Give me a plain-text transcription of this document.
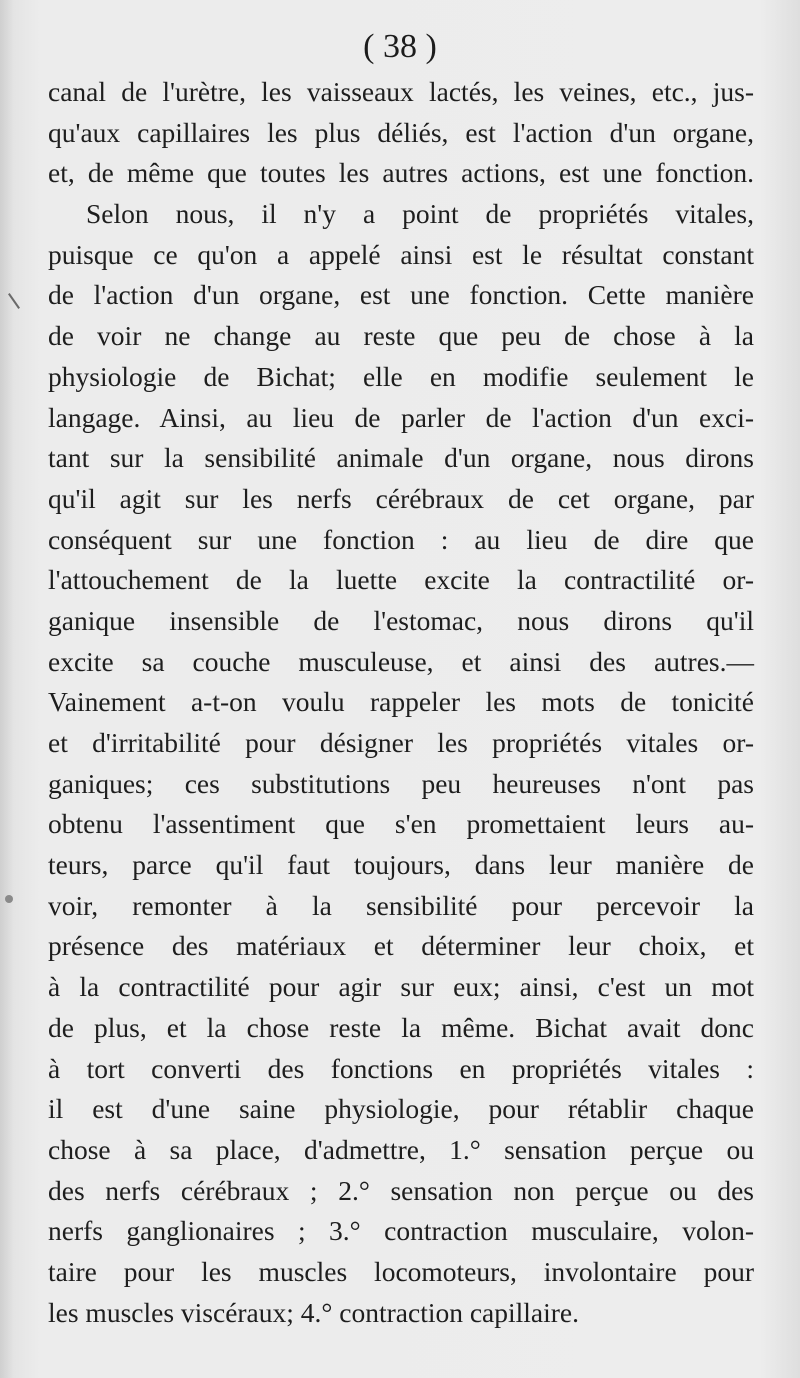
( 38 )
canal de l'urètre, les vaisseaux lactés, les veines, etc., jus-
qu'aux capillaires les plus déliés, est l'action d'un organe,
et, de même que toutes les autres actions, est une fonction.
Selon nous, il n'y a point de propriétés vitales,
puisque ce qu'on a appelé ainsi est le résultat constant
de l'action d'un organe, est une fonction. Cette manière
de voir ne change au reste que peu de chose à la
physiologie de Bichat; elle en modifie seulement le
langage. Ainsi, au lieu de parler de l'action d'un exci-
tant sur la sensibilité animale d'un organe, nous dirons
qu'il agit sur les nerfs cérébraux de cet organe, par
conséquent sur une fonction : au lieu de dire que
l'attouchement de la luette excite la contractilité or-
ganique insensible de l'estomac, nous dirons qu'il
excite sa couche musculeuse, et ainsi des autres.—
Vainement a-t-on voulu rappeler les mots de tonicité
et d'irritabilité pour désigner les propriétés vitales or-
ganiques; ces substitutions peu heureuses n'ont pas
obtenu l'assentiment que s'en promettaient leurs au-
teurs, parce qu'il faut toujours, dans leur manière de
voir, remonter à la sensibilité pour percevoir la
présence des matériaux et déterminer leur choix, et
à la contractilité pour agir sur eux; ainsi, c'est un mot
de plus, et la chose reste la même. Bichat avait donc
à tort converti des fonctions en propriétés vitales :
il est d'une saine physiologie, pour rétablir chaque
chose à sa place, d'admettre, 1.° sensation perçue ou
des nerfs cérébraux ; 2.° sensation non perçue ou des
nerfs ganglionaires ; 3.° contraction musculaire, volon-
taire pour les muscles locomoteurs, involontaire pour
les muscles viscéraux; 4.° contraction capillaire.
